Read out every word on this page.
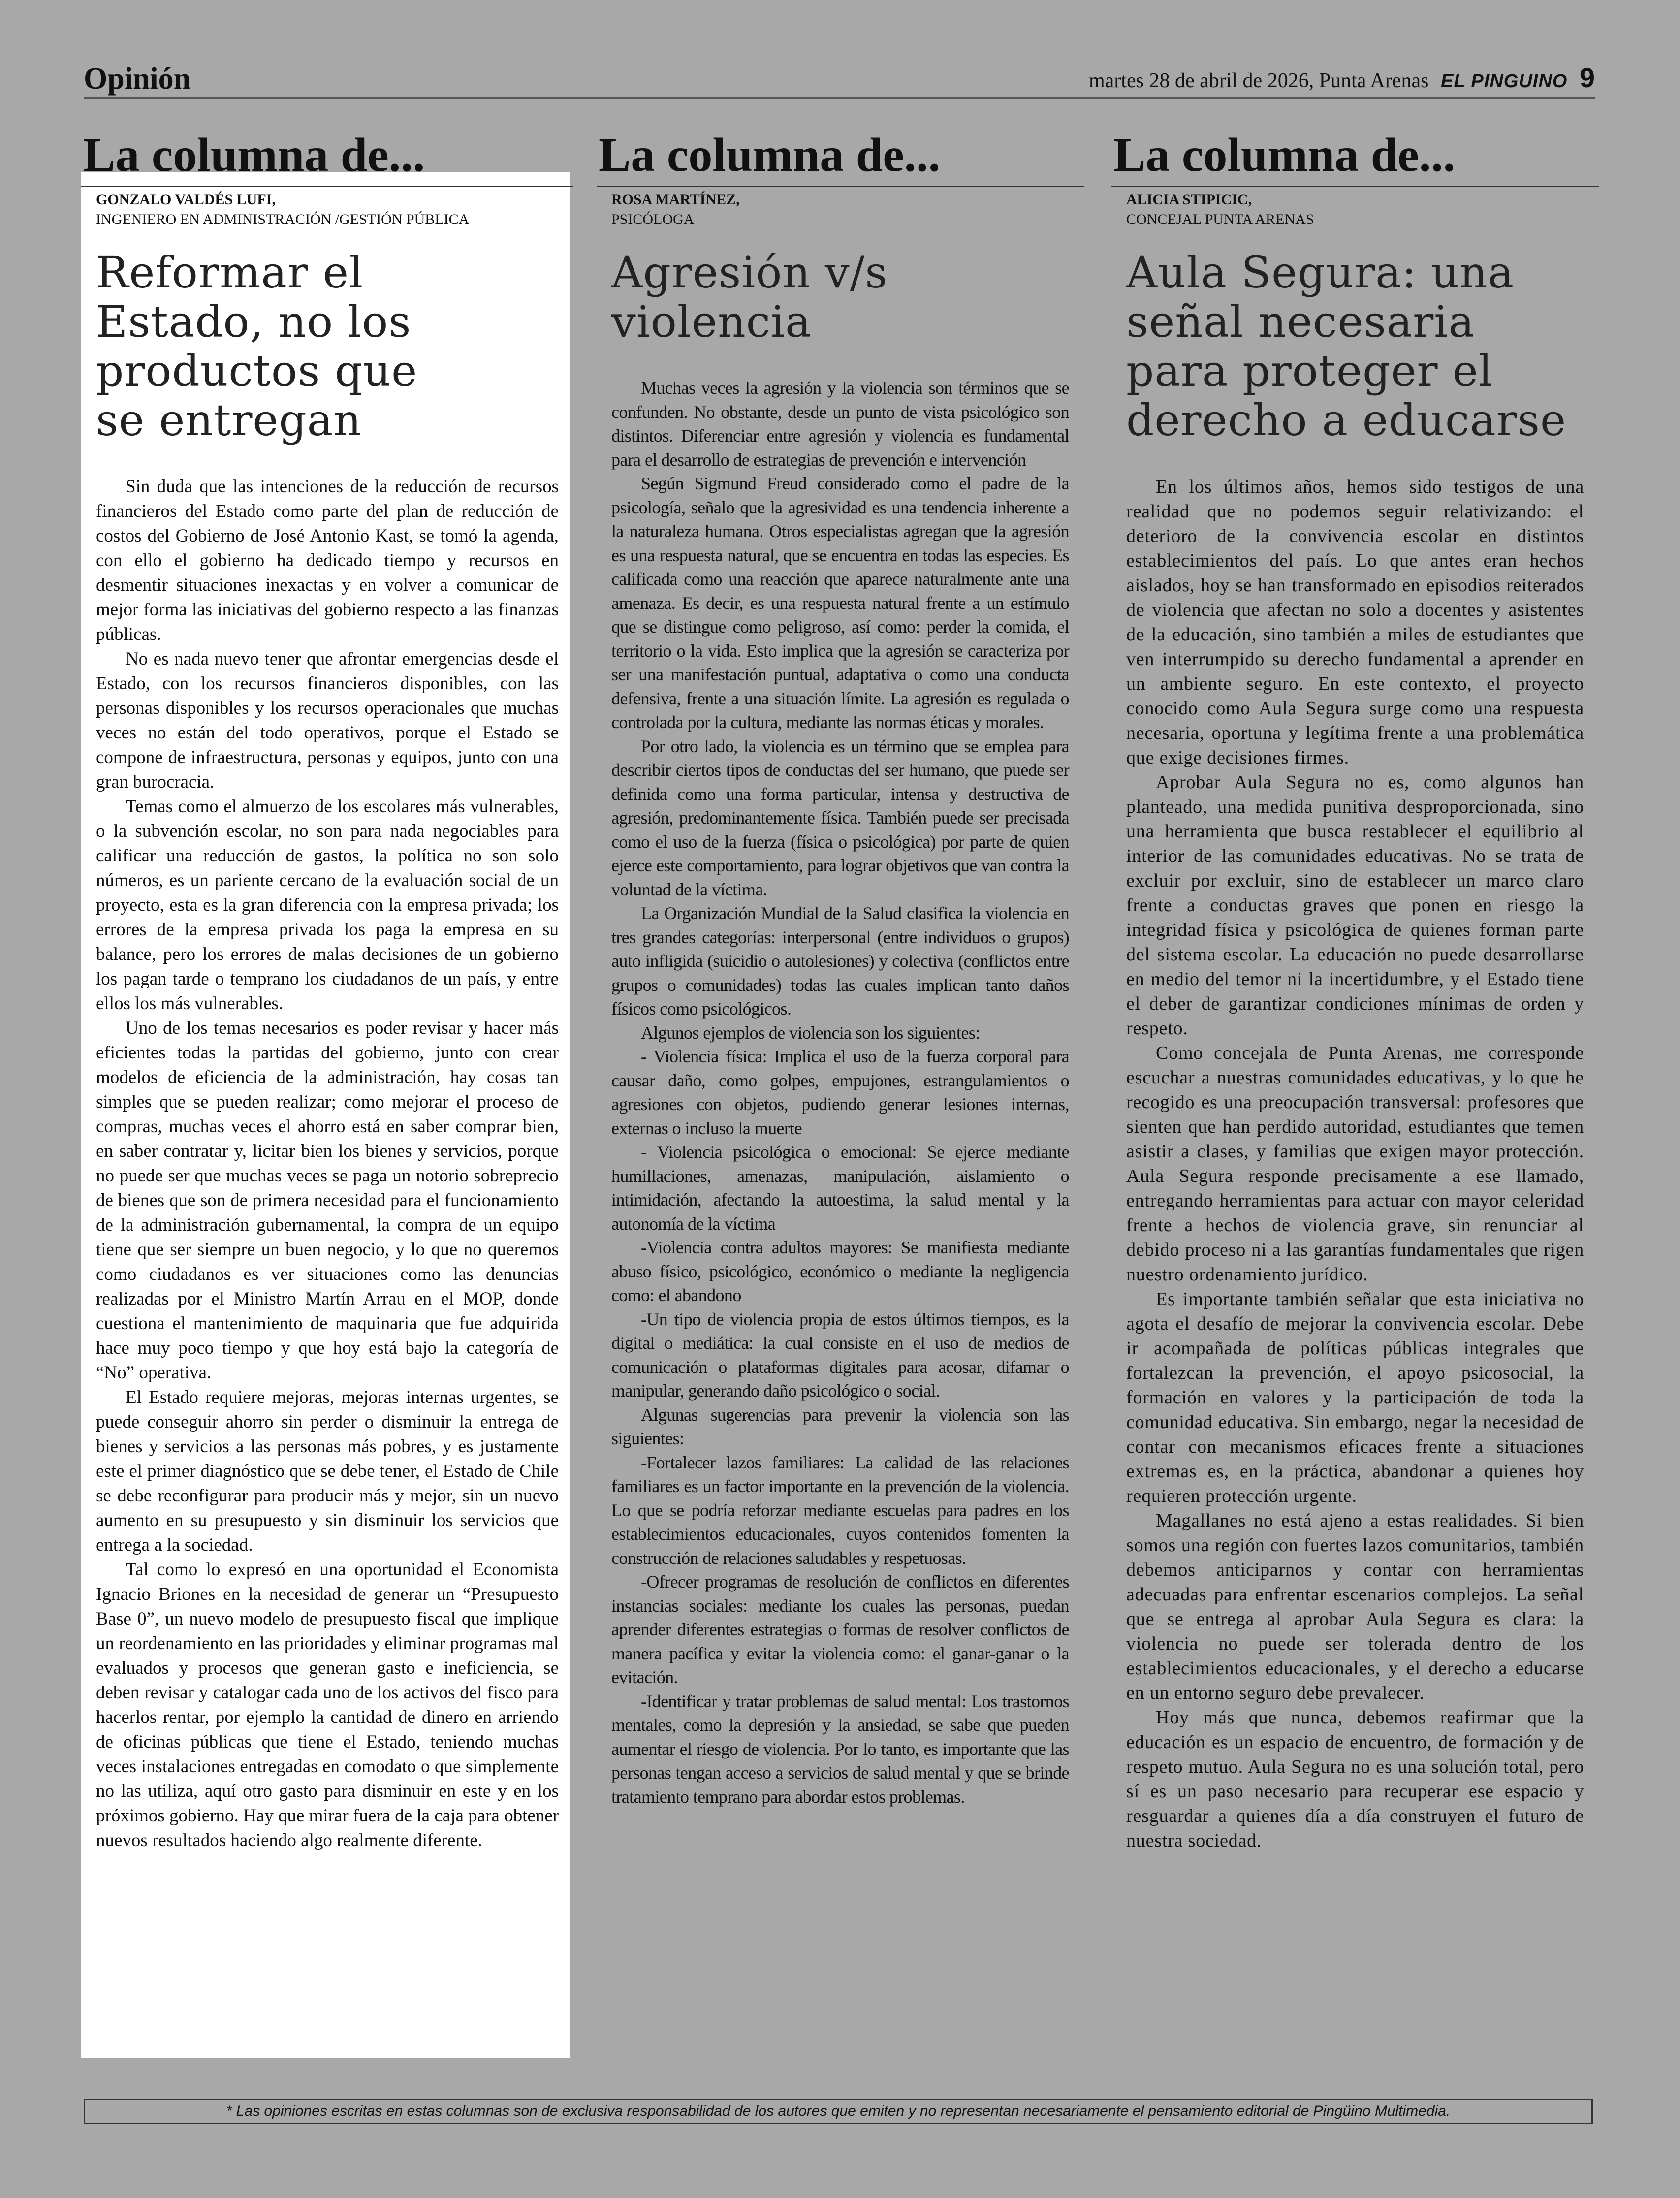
Opinión	martes 28 de abril de 2026, Punta Arenas EL PINGUINO 9
La columna de...
GONZALO VALDÉS LUFI,
INGENIERO EN ADMINISTRACIÓN /GESTIÓN PÚBLICA
Reformar el Estado, no los productos que se entregan

Sin duda que las intenciones de la reducción de recursos financieros del Estado como parte del plan de reducción de costos del Gobierno de José Antonio Kast, se tomó la agenda, con ello el gobierno ha dedicado tiempo y recursos en desmentir situaciones inexactas y en volver a comunicar de mejor forma las iniciativas del gobierno respecto a las finanzas públicas.

No es nada nuevo tener que afrontar emergencias desde el Estado, con los recursos financieros disponibles, con las personas disponibles y los recursos operacionales que muchas veces no están del todo operativos, porque el Estado se compone de infraestructura, personas y equipos, junto con una gran burocracia.

Temas como el almuerzo de los escolares más vulnerables, o la subvención escolar, no son para nada negociables para calificar una reducción de gastos, la política no son solo números, es un pariente cercano de la evaluación social de un proyecto, esta es la gran diferencia con la empresa privada; los errores de la empresa privada los paga la empresa en su balance, pero los errores de malas decisiones de un gobierno los pagan tarde o temprano los ciudadanos de un país, y entre ellos los más vulnerables.

Uno de los temas necesarios es poder revisar y hacer más eficientes todas la partidas del gobierno, junto con crear modelos de eficiencia de la administración, hay cosas tan simples que se pueden realizar; como mejorar el proceso de compras, muchas veces el ahorro está en saber comprar bien, en saber contratar y, licitar bien los bienes y servicios, porque no puede ser que muchas veces se paga un notorio sobreprecio de bienes que son de primera necesidad para el funcionamiento de la administración gubernamental, la compra de un equipo tiene que ser siempre un buen negocio, y lo que no queremos como ciudadanos es ver situaciones como las denuncias realizadas por el Ministro Martín Arrau en el MOP, donde cuestiona el mantenimiento de maquinaria que fue adquirida hace muy poco tiempo y que hoy está bajo la categoría de “No” operativa.

El Estado requiere mejoras, mejoras internas urgentes, se puede conseguir ahorro sin perder o disminuir la entrega de bienes y servicios a las personas más pobres, y es justamente este el primer diagnóstico que se debe tener, el Estado de Chile se debe reconfigurar para producir más y mejor, sin un nuevo aumento en su presupuesto y sin disminuir los servicios que entrega a la sociedad.

Tal como lo expresó en una oportunidad el Economista Ignacio Briones en la necesidad de generar un “Presupuesto Base 0”, un nuevo modelo de presupuesto fiscal que implique un reordenamiento en las prioridades y eliminar programas mal evaluados y procesos que generan gasto e ineficiencia, se deben revisar y catalogar cada uno de los activos del fisco para hacerlos rentar, por ejemplo la cantidad de dinero en arriendo de oficinas públicas que tiene el Estado, teniendo muchas veces instalaciones entregadas en comodato o que simplemente no las utiliza, aquí otro gasto para disminuir en este y en los próximos gobierno. Hay que mirar fuera de la caja para obtener nuevos resultados haciendo algo realmente diferente.

La columna de...
ROSA MARTÍNEZ,
PSICÓLOGA
Agresión v/s violencia

Muchas veces la agresión y la violencia son términos que se confunden. No obstante, desde un punto de vista psicológico son distintos. Diferenciar entre agresión y violencia es fundamental para el desarrollo de estrategias de prevención e intervención

Según Sigmund Freud considerado como el padre de la psicología, señalo que la agresividad es una tendencia inherente a la naturaleza humana. Otros especialistas agregan que la agresión es una respuesta natural, que se encuentra en todas las especies. Es calificada como una reacción que aparece naturalmente ante una amenaza. Es decir, es una respuesta natural frente a un estímulo que se distingue como peligroso, así como: perder la comida, el territorio o la vida. Esto implica que la agresión se caracteriza por ser una manifestación puntual, adaptativa o como una conducta defensiva, frente a una situación límite. La agresión es regulada o controlada por la cultura, mediante las normas éticas y morales.

Por otro lado, la violencia es un término que se emplea para describir ciertos tipos de conductas del ser humano, que puede ser definida como una forma particular, intensa y destructiva de agresión, predominantemente física. También puede ser precisada como el uso de la fuerza (física o psicológica) por parte de quien ejerce este comportamiento, para lograr objetivos que van contra la voluntad de la víctima.

La Organización Mundial de la Salud clasifica la violencia en tres grandes categorías: interpersonal (entre individuos o grupos) auto infligida (suicidio o autolesiones) y colectiva (conflictos entre grupos o comunidades) todas las cuales implican tanto daños físicos como psicológicos.

Algunos ejemplos de violencia son los siguientes:

- Violencia física: Implica el uso de la fuerza corporal para causar daño, como golpes, empujones, estrangulamientos o agresiones con objetos, pudiendo generar lesiones internas, externas o incluso la muerte

- Violencia psicológica o emocional: Se ejerce mediante humillaciones, amenazas, manipulación, aislamiento o intimidación, afectando la autoestima, la salud mental y la autonomía de la víctima

-Violencia contra adultos mayores: Se manifiesta mediante abuso físico, psicológico, económico o mediante la negligencia como: el abandono

-Un tipo de violencia propia de estos últimos tiempos, es la digital o mediática: la cual consiste en el uso de medios de comunicación o plataformas digitales para acosar, difamar o manipular, generando daño psicológico o social.

Algunas sugerencias para prevenir la violencia son las siguientes:

-Fortalecer lazos familiares: La calidad de las relaciones familiares es un factor importante en la prevención de la violencia. Lo que se podría reforzar mediante escuelas para padres en los establecimientos educacionales, cuyos contenidos fomenten la construcción de relaciones saludables y respetuosas.

-Ofrecer programas de resolución de conflictos en diferentes instancias sociales: mediante los cuales las personas, puedan aprender diferentes estrategias o formas de resolver conflictos de manera pacífica y evitar la violencia como: el ganar-ganar o la evitación.

-Identificar y tratar problemas de salud mental: Los trastornos mentales, como la depresión y la ansiedad, se sabe que pueden aumentar el riesgo de violencia. Por lo tanto, es importante que las personas tengan acceso a servicios de salud mental y que se brinde tratamiento temprano para abordar estos problemas.

La columna de...
ALICIA STIPICIC,
CONCEJAL PUNTA ARENAS
Aula Segura: una señal necesaria para proteger el derecho a educarse

En los últimos años, hemos sido testigos de una realidad que no podemos seguir relativizando: el deterioro de la convivencia escolar en distintos establecimientos del país. Lo que antes eran hechos aislados, hoy se han transformado en episodios reiterados de violencia que afectan no solo a docentes y asistentes de la educación, sino también a miles de estudiantes que ven interrumpido su derecho fundamental a aprender en un ambiente seguro. En este contexto, el proyecto conocido como Aula Segura surge como una respuesta necesaria, oportuna y legítima frente a una problemática que exige decisiones firmes.

Aprobar Aula Segura no es, como algunos han planteado, una medida punitiva desproporcionada, sino una herramienta que busca restablecer el equilibrio al interior de las comunidades educativas. No se trata de excluir por excluir, sino de establecer un marco claro frente a conductas graves que ponen en riesgo la integridad física y psicológica de quienes forman parte del sistema escolar. La educación no puede desarrollarse en medio del temor ni la incertidumbre, y el Estado tiene el deber de garantizar condiciones mínimas de orden y respeto.

Como concejala de Punta Arenas, me corresponde escuchar a nuestras comunidades educativas, y lo que he recogido es una preocupación transversal: profesores que sienten que han perdido autoridad, estudiantes que temen asistir a clases, y familias que exigen mayor protección. Aula Segura responde precisamente a ese llamado, entregando herramientas para actuar con mayor celeridad frente a hechos de violencia grave, sin renunciar al debido proceso ni a las garantías fundamentales que rigen nuestro ordenamiento jurídico.

Es importante también señalar que esta iniciativa no agota el desafío de mejorar la convivencia escolar. Debe ir acompañada de políticas públicas integrales que fortalezcan la prevención, el apoyo psicosocial, la formación en valores y la participación de toda la comunidad educativa. Sin embargo, negar la necesidad de contar con mecanismos eficaces frente a situaciones extremas es, en la práctica, abandonar a quienes hoy requieren protección urgente.

Magallanes no está ajeno a estas realidades. Si bien somos una región con fuertes lazos comunitarios, también debemos anticiparnos y contar con herramientas adecuadas para enfrentar escenarios complejos. La señal que se entrega al aprobar Aula Segura es clara: la violencia no puede ser tolerada dentro de los establecimientos educacionales, y el derecho a educarse en un entorno seguro debe prevalecer.

Hoy más que nunca, debemos reafirmar que la educación es un espacio de encuentro, de formación y de respeto mutuo. Aula Segura no es una solución total, pero sí es un paso necesario para recuperar ese espacio y resguardar a quienes día a día construyen el futuro de nuestra sociedad.

* Las opiniones escritas en estas columnas son de exclusiva responsabilidad de los autores que emiten y no representan necesariamente el pensamiento editorial de Pingüino Multimedia.
